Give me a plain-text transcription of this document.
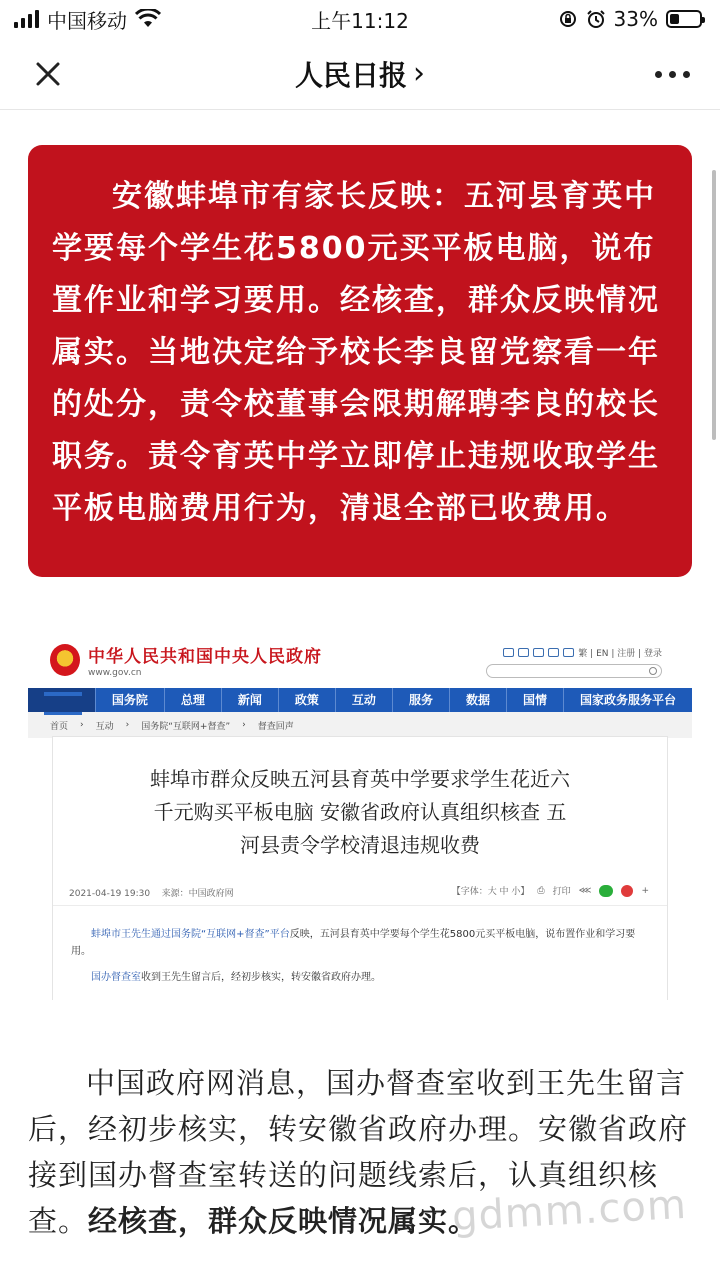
中国移动	上午11:12	33%
人民日报 ›

安徽蚌埠市有家长反映：五河县育英中学要每个学生花5800元买平板电脑，说布置作业和学习要用。经核查，群众反映情况属实。当地决定给予校长李良留党察看一年的处分，责令校董事会限期解聘李良的校长职务。责令育英中学立即停止违规收取学生平板电脑费用行为，清退全部已收费用。

中华人民共和国中央人民政府
www.gov.cn
繁 | EN | 注册 | 登录
国务院	总理	新闻	政策	互动	服务	数据	国情	国家政务服务平台
首页 › 互动 › 国务院“互联网+督查” › 督查回声
蚌埠市群众反映五河县育英中学要求学生花近六千元购买平板电脑 安徽省政府认真组织核查 五河县责令学校清退违规收费
2021-04-19 19:30 来源：中国政府网	【字体：大 中 小】 ⎙ 打印 ⋘	+

蚌埠市王先生通过国务院“互联网+督查”平台反映，五河县育英中学要每个学生花5800元买平板电脑，说布置作业和学习要用。

国办督查室收到王先生留言后，经初步核实，转安徽省政府办理。

中国政府网消息，国办督查室收到王先生留言后，经初步核实，转安徽省政府办理。安徽省政府接到国办督查室转送的问题线索后，认真组织核查。经核查，群众反映情况属实。

gdmm.com
